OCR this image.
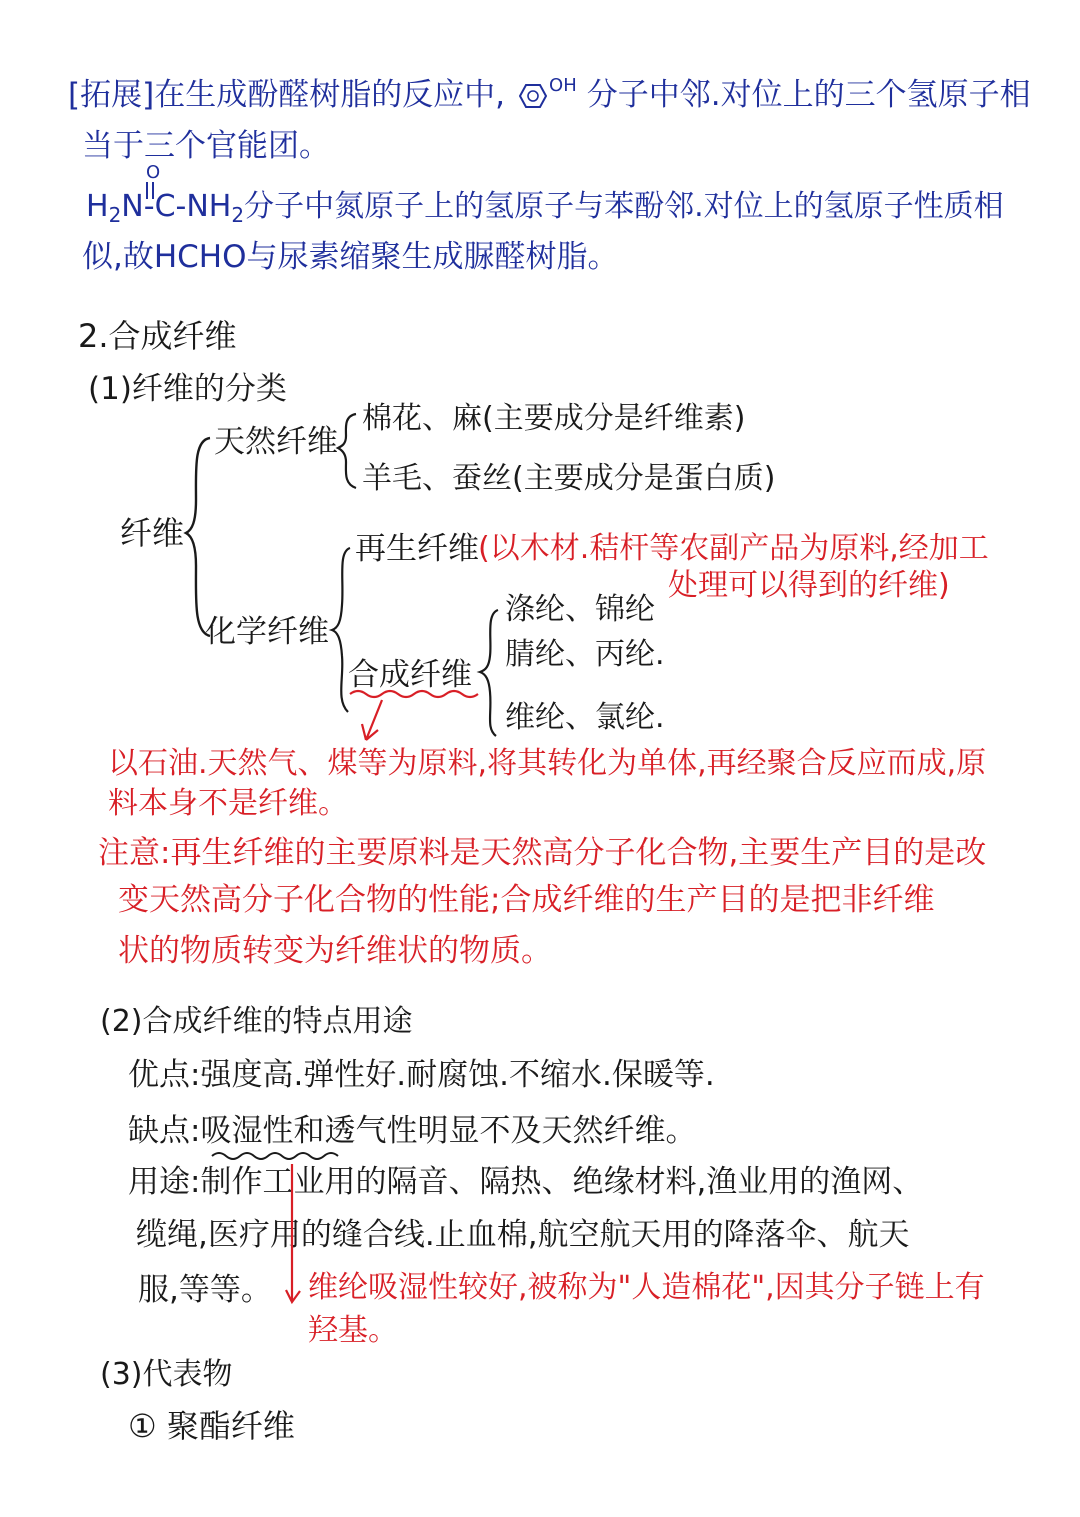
[拓展]在生成酚醛树脂的反应中, $^{OH}$ 分子中邻.对位上的三个氢原子相
当于三个官能团。
O
$H_2N-C-NH_2$分子中氮原子上的氢原子与苯酚邻.对位上的氢原子性质相
似,故HCHO与尿素缩聚生成脲醛树脂。
2.合成纤维
(1)纤维的分类
纤维
天然纤维
棉花、麻(主要成分是纤维素)
羊毛、蚕丝(主要成分是蛋白质)
化学纤维
再生纤维 (以木材.秸杆等农副产品为原料,经加工
处理可以得到的纤维)
合成纤维
涤纶、锦纶
腈纶、丙纶.
维纶、氯纶.
以石油.天然气、煤等为原料,将其转化为单体,再经聚合反应而成,原
料本身不是纤维。
注意:再生纤维的主要原料是天然高分子化合物,主要生产目的是改
变天然高分子化合物的性能;合成纤维的生产目的是把非纤维
状的物质转变为纤维状的物质。
(2)合成纤维的特点用途
优点:强度高.弹性好.耐腐蚀.不缩水.保暖等.
缺点:吸湿性和透气性明显不及天然纤维。
用途:制作工业用的隔音、隔热、绝缘材料,渔业用的渔网、
缆绳,医疗用的缝合线.止血棉,航空航天用的降落伞、航天
服,等等。 维纶吸湿性较好,被称为"人造棉花",因其分子链上有
羟基。
(3)代表物
① 聚酯纤维
